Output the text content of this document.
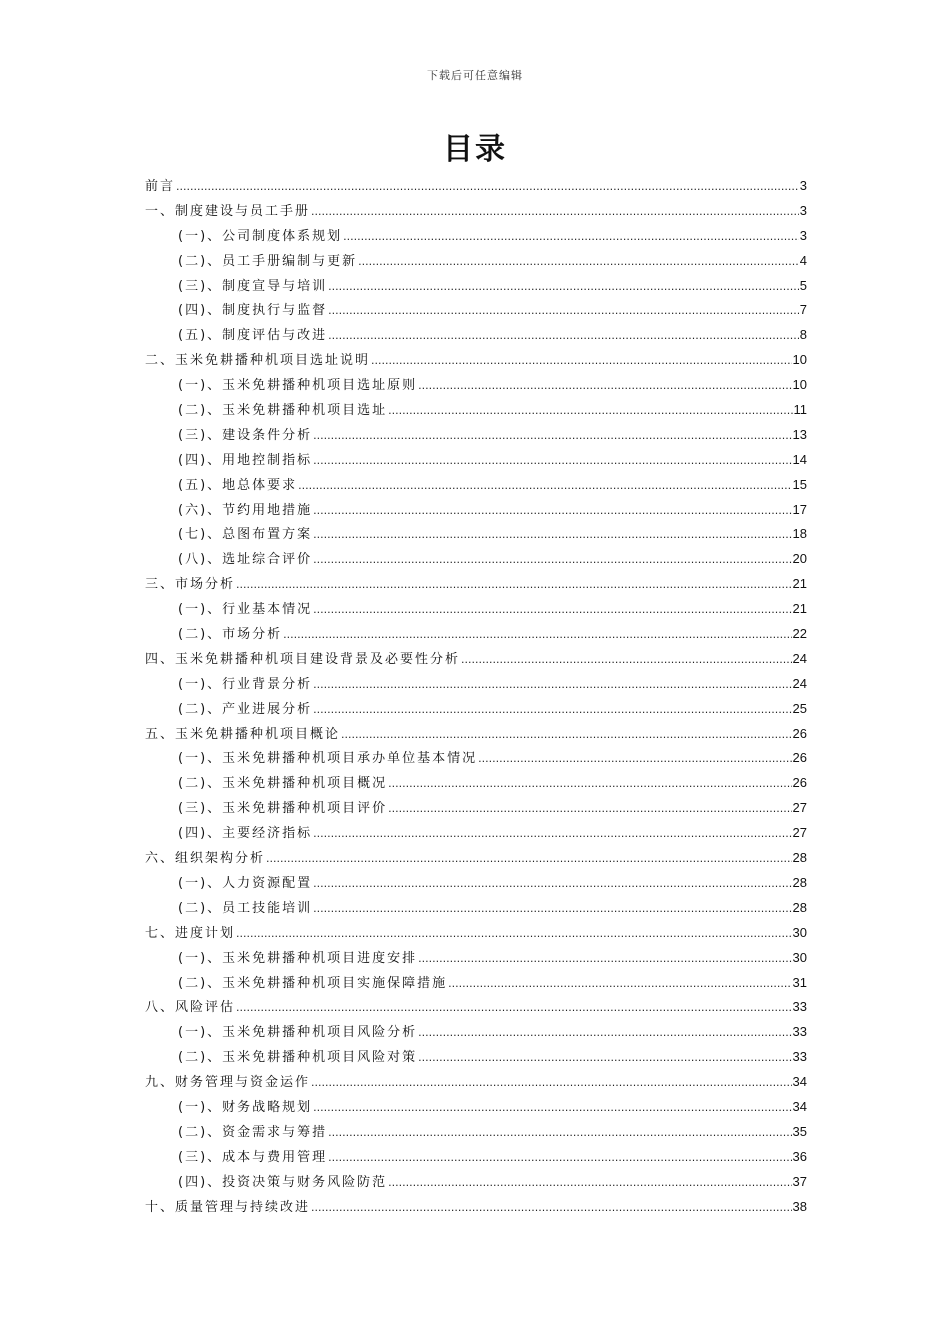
下载后可任意编辑
目录
前言 .....	3
一、制度建设与员工手册 .....	3
(一)、公司制度体系规划 .....	3
(二)、员工手册编制与更新 .....	4
(三)、制度宣导与培训 .....	5
(四)、制度执行与监督 .....	7
(五)、制度评估与改进 .....	8
二、玉米免耕播种机项目选址说明 .....	10
(一)、玉米免耕播种机项目选址原则 .....	10
(二)、玉米免耕播种机项目选址 .....	11
(三)、建设条件分析 .....	13
(四)、用地控制指标 .....	14
(五)、地总体要求 .....	15
(六)、节约用地措施 .....	17
(七)、总图布置方案 .....	18
(八)、选址综合评价 .....	20
三、市场分析 .....	21
(一)、行业基本情况 .....	21
(二)、市场分析 .....	22
四、玉米免耕播种机项目建设背景及必要性分析 .....	24
(一)、行业背景分析 .....	24
(二)、产业进展分析 .....	25
五、玉米免耕播种机项目概论 .....	26
(一)、玉米免耕播种机项目承办单位基本情况 .....	26
(二)、玉米免耕播种机项目概况 .....	26
(三)、玉米免耕播种机项目评价 .....	27
(四)、主要经济指标 .....	27
六、组织架构分析 .....	28
(一)、人力资源配置 .....	28
(二)、员工技能培训 .....	28
七、进度计划 .....	30
(一)、玉米免耕播种机项目进度安排 .....	30
(二)、玉米免耕播种机项目实施保障措施 .....	31
八、风险评估 .....	33
(一)、玉米免耕播种机项目风险分析 .....	33
(二)、玉米免耕播种机项目风险对策 .....	33
九、财务管理与资金运作 .....	34
(一)、财务战略规划 .....	34
(二)、资金需求与筹措 .....	35
(三)、成本与费用管理 .....	36
(四)、投资决策与财务风险防范 .....	37
十、质量管理与持续改进 .....	38
